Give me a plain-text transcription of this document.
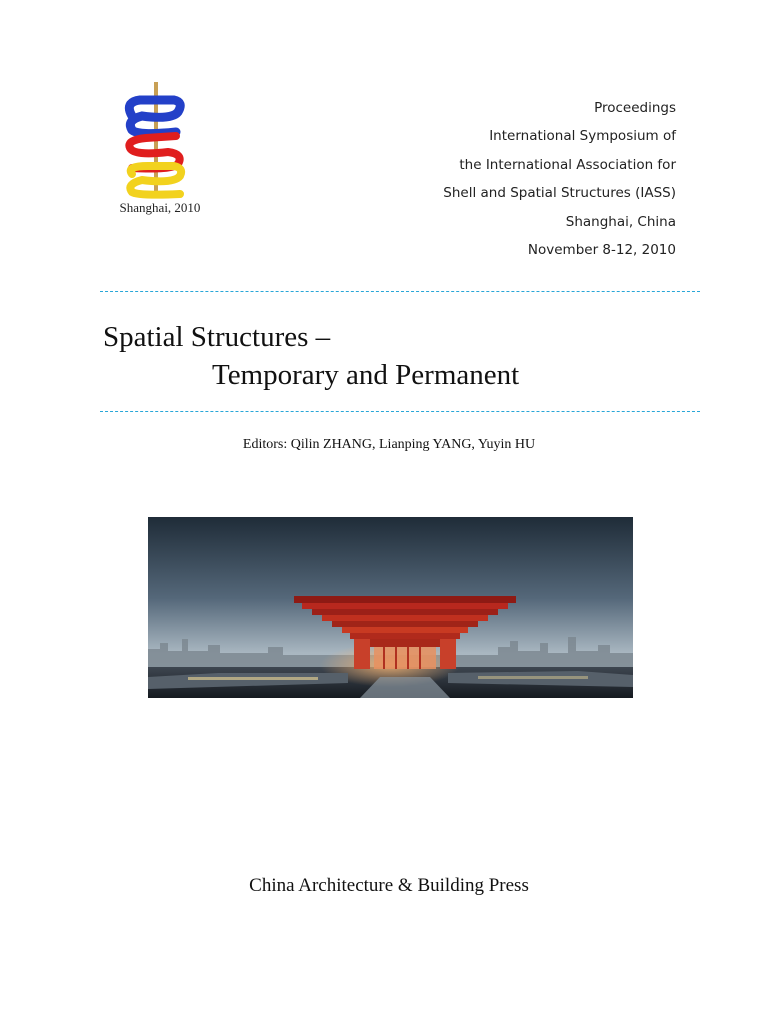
Shanghai, 2010
Proceedings
International Symposium of
the International Association for
Shell and Spatial Structures (IASS)
Shanghai, China
November 8-12, 2010
Spatial Structures –
Temporary and Permanent
Editors: Qilin ZHANG, Lianping YANG, Yuyin HU
China Architecture & Building Press
